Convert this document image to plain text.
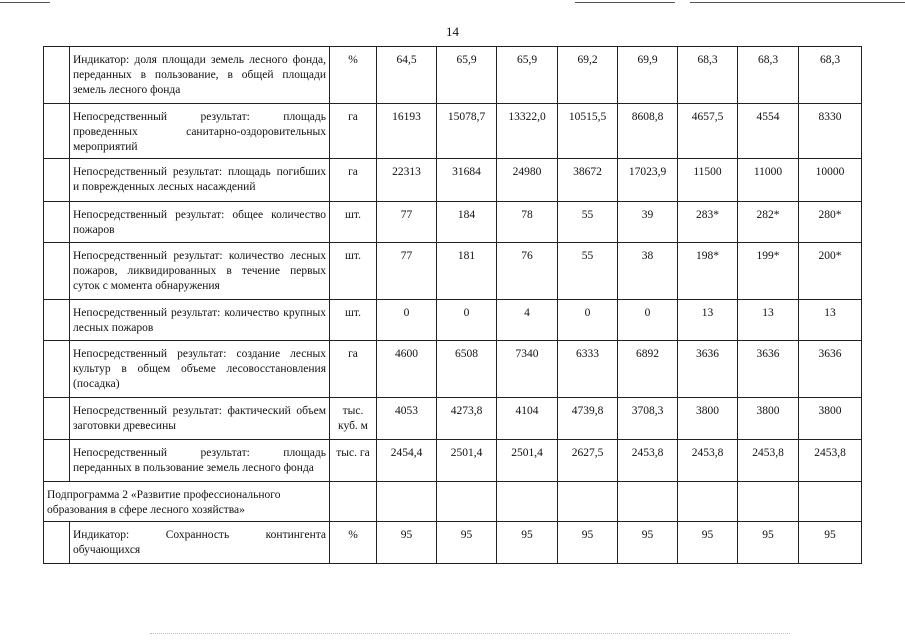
14
	Индикатор: доля площади земель лесного фонда, переданных в пользование, в общей площади земель лесного фонда	%	64,5	65,9	65,9	69,2	69,9	68,3	68,3	68,3
	Непосредственный результат: площадь проведенных санитарно-оздоровительных мероприятий	га	16193	15078,7	13322,0	10515,5	8608,8	4657,5	4554	8330
	Непосредственный результат: площадь погибших и поврежденных лесных насаждений	га	22313	31684	24980	38672	17023,9	11500	11000	10000
	Непосредственный результат: общее количество пожаров	шт.	77	184	78	55	39	283*	282*	280*
	Непосредственный результат: количество лесных пожаров, ликвидированных в течение первых суток с момента обнаружения	шт.	77	181	76	55	38	198*	199*	200*
	Непосредственный результат: количество крупных лесных пожаров	шт.	0	0	4	0	0	13	13	13
	Непосредственный результат: создание лесных культур в общем объеме лесовосстановления (посадка)	га	4600	6508	7340	6333	6892	3636	3636	3636
	Непосредственный результат: фактический объем заготовки древесины	тыс. куб. м	4053	4273,8	4104	4739,8	3708,3	3800	3800	3800
	Непосредственный результат: площадь переданных в пользование земель лесного фонда	тыс. га	2454,4	2501,4	2501,4	2627,5	2453,8	2453,8	2453,8	2453,8
Подпрограмма 2 «Развитие профессионального образования в сфере лесного хозяйства»										
	Индикатор: Сохранность контингента обучающихся	%	95	95	95	95	95	95	95	95
